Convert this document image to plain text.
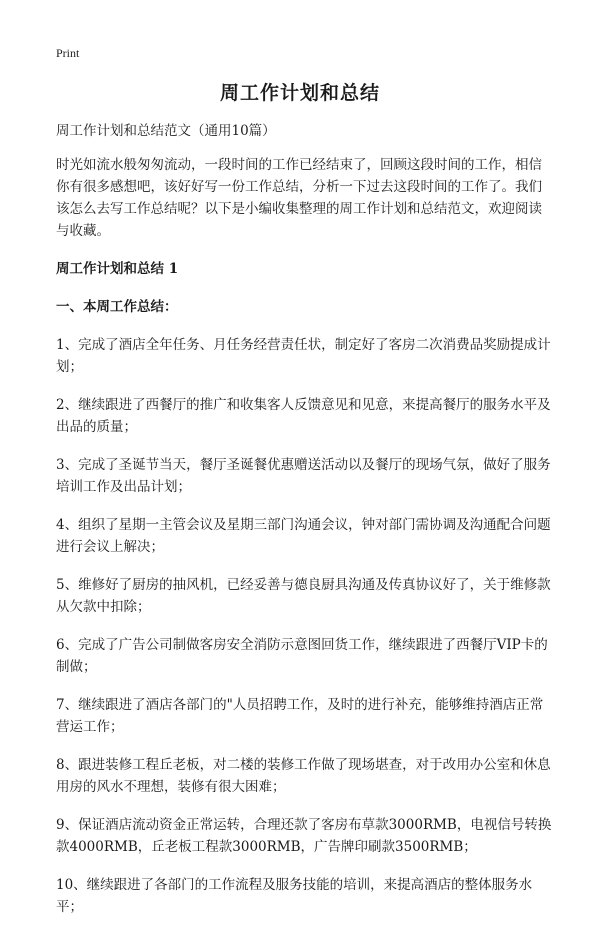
Print
周工作计划和总结

周工作计划和总结范文（通用10篇）

时光如流水般匆匆流动，一段时间的工作已经结束了，回顾这段时间的工作，相信你有很多感想吧，该好好写一份工作总结，分析一下过去这段时间的工作了。我们该怎么去写工作总结呢？以下是小编收集整理的周工作计划和总结范文，欢迎阅读与收藏。

周工作计划和总结 1

一、本周工作总结：

1、完成了酒店全年任务、月任务经营责任状，制定好了客房二次消费品奖励提成计划；

2、继续跟进了西餐厅的推广和收集客人反馈意见和见意，来提高餐厅的服务水平及出品的质量；

3、完成了圣诞节当天，餐厅圣诞餐优惠赠送活动以及餐厅的现场气氛，做好了服务培训工作及出品计划；

4、组织了星期一主管会议及星期三部门沟通会议，钟对部门需协调及沟通配合问题进行会议上解决；

5、维修好了厨房的抽风机，已经妥善与德良厨具沟通及传真协议好了，关于维修款从欠款中扣除；

6、完成了广告公司制做客房安全消防示意图回货工作，继续跟进了西餐厅VIP卡的制做；

7、继续跟进了酒店各部门的"人员招聘工作，及时的进行补充，能够维持酒店正常营运工作；

8、跟进装修工程丘老板，对二楼的装修工作做了现场堪查，对于改用办公室和休息用房的风水不理想，装修有很大困难；

9、保证酒店流动资金正常运转，合理还款了客房布草款3000RMB，电视信号转换款4000RMB，丘老板工程款3000RMB，广告牌印刷款3500RMB；

10、继续跟进了各部门的工作流程及服务技能的培训，来提高酒店的整体服务水平；
